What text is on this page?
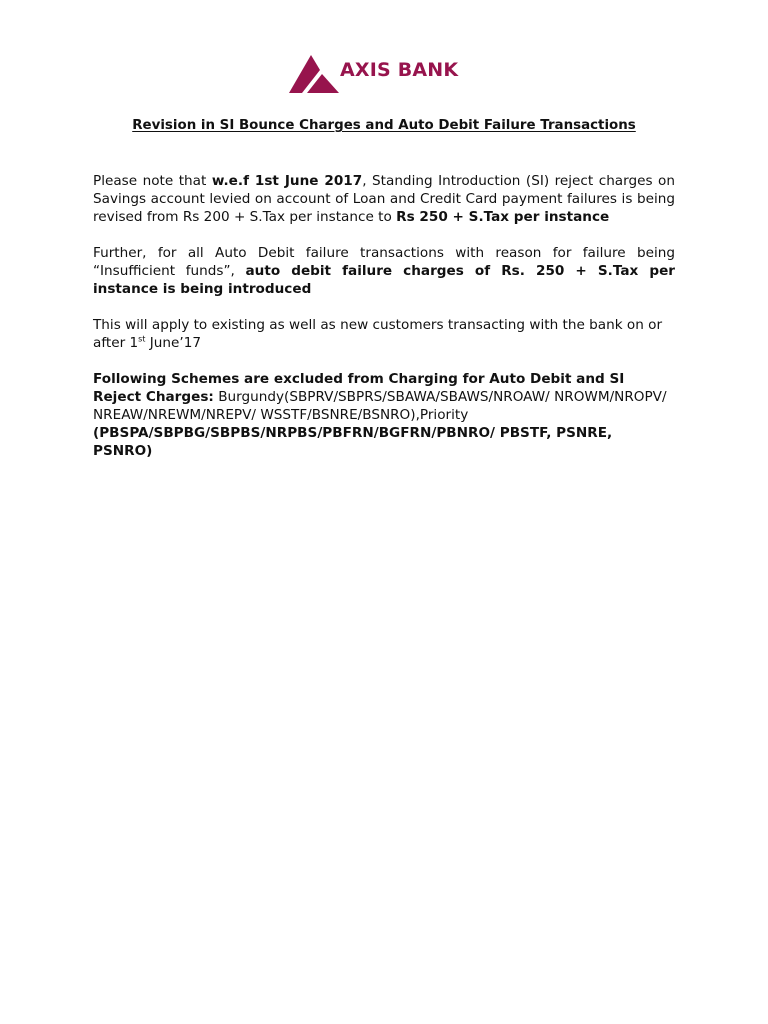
AXIS BANK
Revision in SI Bounce Charges and Auto Debit Failure Transactions

Please note that w.e.f 1st June 2017, Standing Introduction (SI) reject charges on Savings account levied on account of Loan and Credit Card payment failures is being revised from Rs 200 + S.Tax per instance to Rs 250 + S.Tax per instance

Further, for all Auto Debit failure transactions with reason for failure being “Insufficient funds”, auto debit failure charges of Rs. 250 + S.Tax per instance is being introduced

This will apply to existing as well as new customers transacting with the bank on or after 1st June’17

Following Schemes are excluded from Charging for Auto Debit and SI Reject Charges: Burgundy(SBPRV/SBPRS/SBAWA/SBAWS/NROAW/ NROWM/NROPV/ NREAW/NREWM/NREPV/ WSSTF/BSNRE/BSNRO),Priority (PBSPA/SBPBG/SBPBS/NRPBS/PBFRN/BGFRN/PBNRO/ PBSTF, PSNRE, PSNRO)
